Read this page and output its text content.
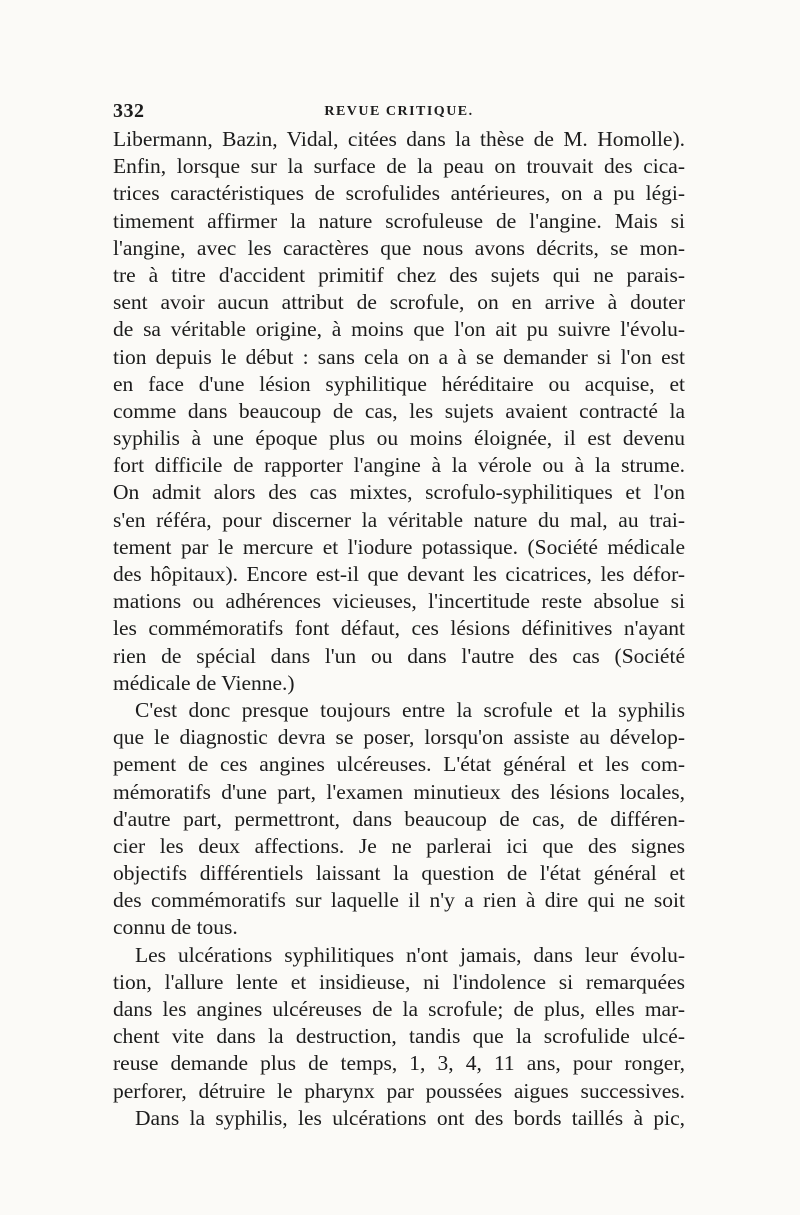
332	REVUE CRITIQUE.
Libermann, Bazin, Vidal, citées dans la thèse de M. Homolle).
Enfin, lorsque sur la surface de la peau on trouvait des cica-
trices caractéristiques de scrofulides antérieures, on a pu légi-
timement affirmer la nature scrofuleuse de l'angine. Mais si
l'angine, avec les caractères que nous avons décrits, se mon-
tre à titre d'accident primitif chez des sujets qui ne parais-
sent avoir aucun attribut de scrofule, on en arrive à douter
de sa véritable origine, à moins que l'on ait pu suivre l'évolu-
tion depuis le début : sans cela on a à se demander si l'on est
en face d'une lésion syphilitique héréditaire ou acquise, et
comme dans beaucoup de cas, les sujets avaient contracté la
syphilis à une époque plus ou moins éloignée, il est devenu
fort difficile de rapporter l'angine à la vérole ou à la strume.
On admit alors des cas mixtes, scrofulo-syphilitiques et l'on
s'en référa, pour discerner la véritable nature du mal, au trai-
tement par le mercure et l'iodure potassique. (Société médicale
des hôpitaux). Encore est-il que devant les cicatrices, les défor-
mations ou adhérences vicieuses, l'incertitude reste absolue si
les commémoratifs font défaut, ces lésions définitives n'ayant
rien de spécial dans l'un ou dans l'autre des cas (Société
médicale de Vienne.)
C'est donc presque toujours entre la scrofule et la syphilis
que le diagnostic devra se poser, lorsqu'on assiste au dévelop-
pement de ces angines ulcéreuses. L'état général et les com-
mémoratifs d'une part, l'examen minutieux des lésions locales,
d'autre part, permettront, dans beaucoup de cas, de différen-
cier les deux affections. Je ne parlerai ici que des signes
objectifs différentiels laissant la question de l'état général et
des commémoratifs sur laquelle il n'y a rien à dire qui ne soit
connu de tous.
Les ulcérations syphilitiques n'ont jamais, dans leur évolu-
tion, l'allure lente et insidieuse, ni l'indolence si remarquées
dans les angines ulcéreuses de la scrofule; de plus, elles mar-
chent vite dans la destruction, tandis que la scrofulide ulcé-
reuse demande plus de temps, 1, 3, 4, 11 ans, pour ronger,
perforer, détruire le pharynx par poussées aigues successives.
Dans la syphilis, les ulcérations ont des bords taillés à pic,
